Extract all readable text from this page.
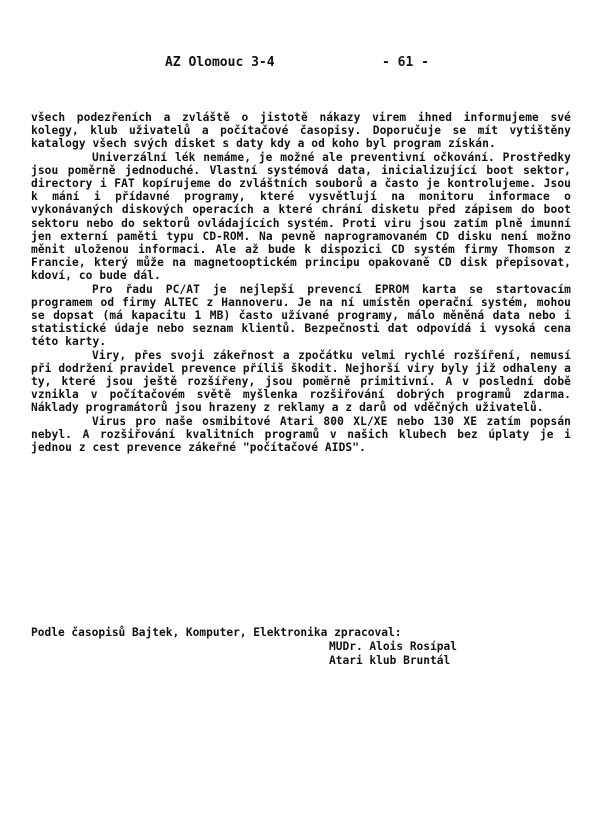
AZ Olomouc 3-4	- 61 -

všech podezřeních a zvláště o jistotě nákazy virem ihned informujeme své kolegy, klub uživatelů a počítačové časopisy. Doporučuje se mít vytištěny katalogy všech svých disket s daty kdy a od koho byl program získán.

Univerzální lék nemáme, je možné ale preventivní očkování. Prostředky jsou poměrně jednoduché. Vlastní systémová data, inicializující boot sektor, directory i FAT kopírujeme do zvláštních souborů a často je kontrolujeme. Jsou k mání i přídavné programy, které vysvětlují na monitoru informace o vykonávaných diskových operacích a které chrání disketu před zápisem do boot sektoru nebo do sektorů ovládajících systém. Proti viru jsou zatím plně imunní jen externí paměti typu CD-ROM. Na pevně naprogramovaném CD disku není možno měnit uloženou informaci. Ale až bude k dispozici CD systém firmy Thomson z Francie, který může na magnetooptickém principu opakovaně CD disk přepisovat, kdoví, co bude dál.

Pro řadu PC/AT je nejlepší prevencí EPROM karta se startovacím programem od firmy ALTEC z Hannoveru. Je na ní umístěn operační systém, mohou se dopsat (má kapacitu 1 MB) často užívané programy, málo měněná data nebo i statistické údaje nebo seznam klientů. Bezpečnosti dat odpovídá i vysoká cena této karty.

Viry, přes svoji zákeřnost a zpočátku velmi rychlé rozšíření, nemusí při dodržení pravidel prevence příliš škodit. Nejhorší viry byly již odhaleny a ty, které jsou ještě rozšířeny, jsou poměrně primitivní. A v poslední době vznikla v počítačovém světě myšlenka rozšiřování dobrých programů zdarma. Náklady programátorů jsou hrazeny z reklamy a z darů od vděčných uživatelů.

Virus pro naše osmibitové Atari 800 XL/XE nebo 130 XE zatím popsán nebyl. A rozšiřování kvalitních programů v našich klubech bez úplaty je i jednou z cest prevence zákeřné "počítačové AIDS".

Podle časopisů Bajtek, Komputer, Elektronika zpracoval:
MUDr. Alois Rosípal
Atari klub Bruntál
